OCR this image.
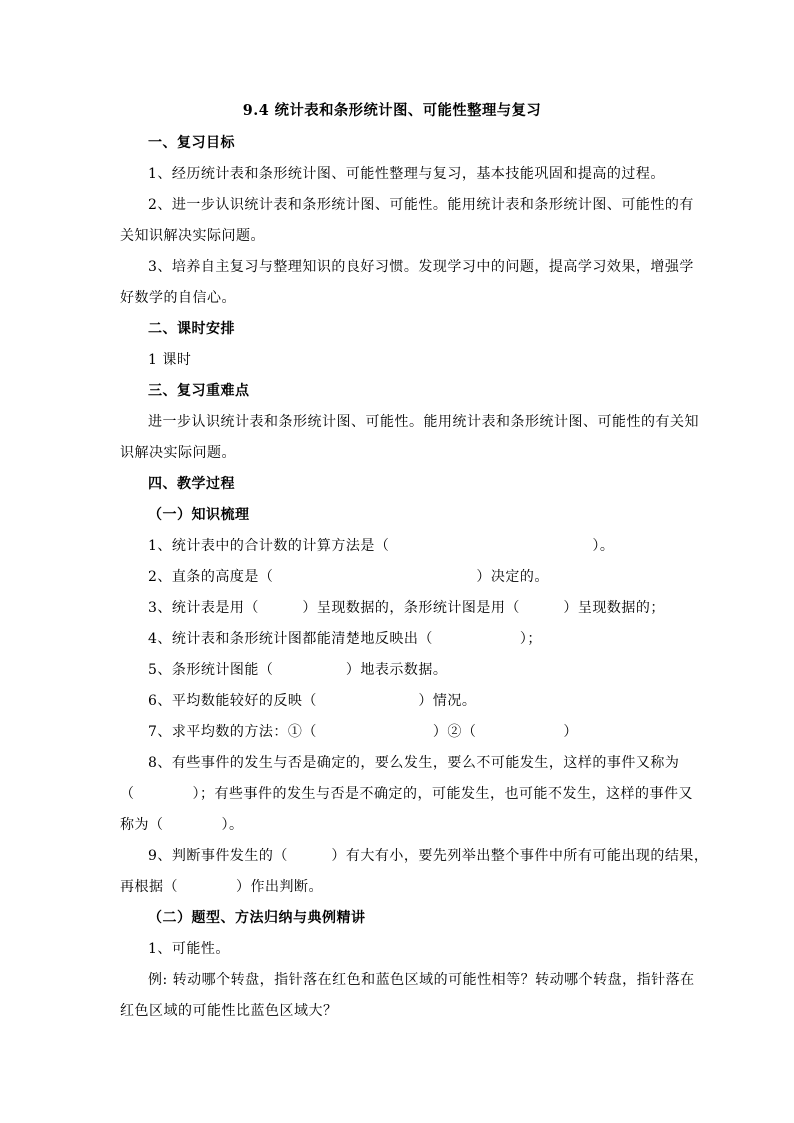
9.4 统计表和条形统计图、可能性整理与复习
一、复习目标
1、经历统计表和条形统计图、可能性整理与复习，基本技能巩固和提高的过程。
2、进一步认识统计表和条形统计图、可能性。能用统计表和条形统计图、可能性的有
关知识解决实际问题。
3、培养自主复习与整理知识的良好习惯。发现学习中的问题，提高学习效果，增强学
好数学的自信心。
二、课时安排
1 课时
三、复习重难点
进一步认识统计表和条形统计图、可能性。能用统计表和条形统计图、可能性的有关知
识解决实际问题。
四、教学过程
（一）知识梳理
1、统计表中的合计数的计算方法是（　　　　　　　　　　　　　　）。
2、直条的高度是（　　　　　　　　　　　　　　）决定的。
3、统计表是用（　　　）呈现数据的，条形统计图是用（　　　）呈现数据的；
4、统计表和条形统计图都能清楚地反映出（　　　　　　）；
5、条形统计图能（　　　　　）地表示数据。
6、平均数能较好的反映（　　　　　　　）情况。
7、求平均数的方法：①（　　　　　　　　）②（　　　　　　）
8、有些事件的发生与否是确定的，要么发生，要么不可能发生，这样的事件又称为
（　　　　）；有些事件的发生与否是不确定的，可能发生，也可能不发生，这样的事件又
称为（　　　　）。
9、判断事件发生的（　　　）有大有小，要先列举出整个事件中所有可能出现的结果，
再根据（　　　　）作出判断。
（二）题型、方法归纳与典例精讲
1、可能性。
例: 转动哪个转盘，指针落在红色和蓝色区域的可能性相等？转动哪个转盘，指针落在
红色区域的可能性比蓝色区域大？
